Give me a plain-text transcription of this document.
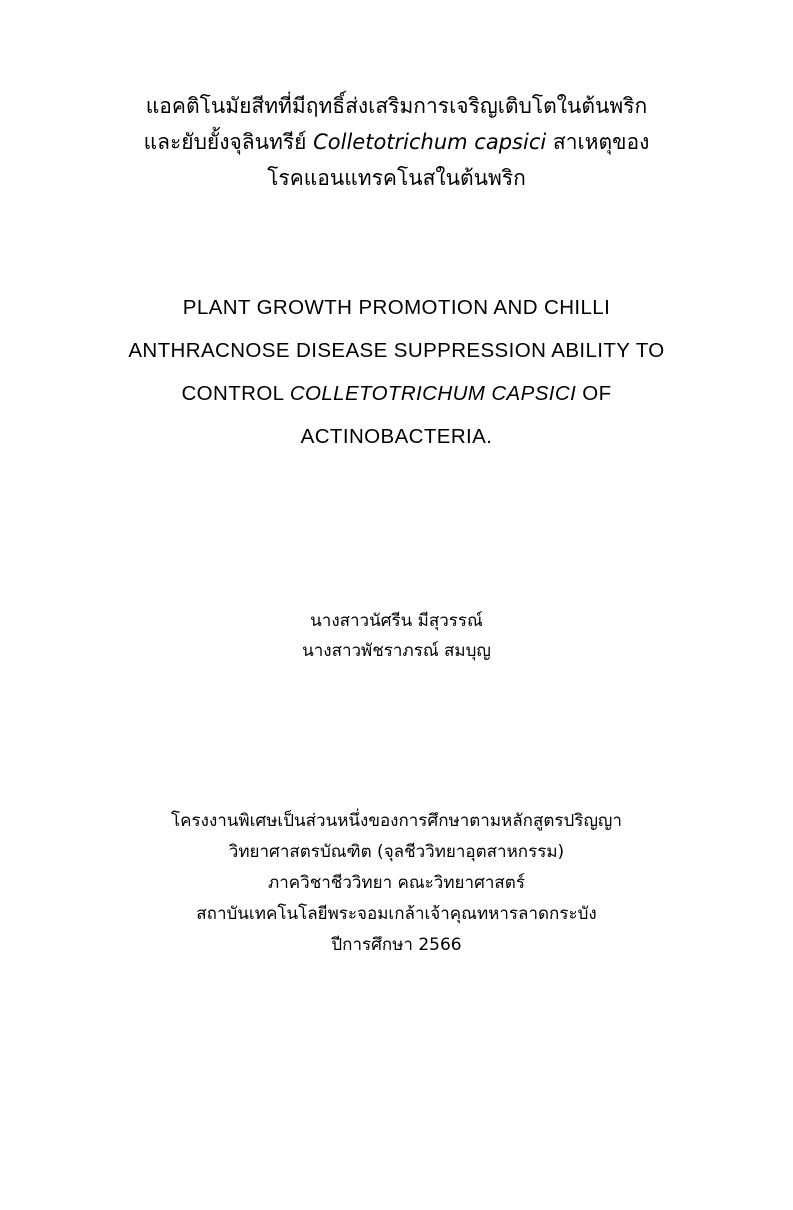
แอคติโนมัยสีทที่มีฤทธิ์ส่งเสริมการเจริญเติบโตในต้นพริก
และยับยั้งจุลินทรีย์ Colletotrichum capsici สาเหตุของ
โรคแอนแทรคโนสในต้นพริก
PLANT GROWTH PROMOTION AND CHILLI
ANTHRACNOSE DISEASE SUPPRESSION ABILITY TO
CONTROL COLLETOTRICHUM CAPSICI OF
ACTINOBACTERIA.
นางสาวนัศรีน มีสุวรรณ์
นางสาวพัชราภรณ์ สมบุญ
โครงงานพิเศษเป็นส่วนหนึ่งของการศึกษาตามหลักสูตรปริญญา
วิทยาศาสตรบัณฑิต (จุลชีววิทยาอุตสาหกรรม)
ภาควิชาชีววิทยา คณะวิทยาศาสตร์
สถาบันเทคโนโลยีพระจอมเกล้าเจ้าคุณทหารลาดกระบัง
ปีการศึกษา 2566
